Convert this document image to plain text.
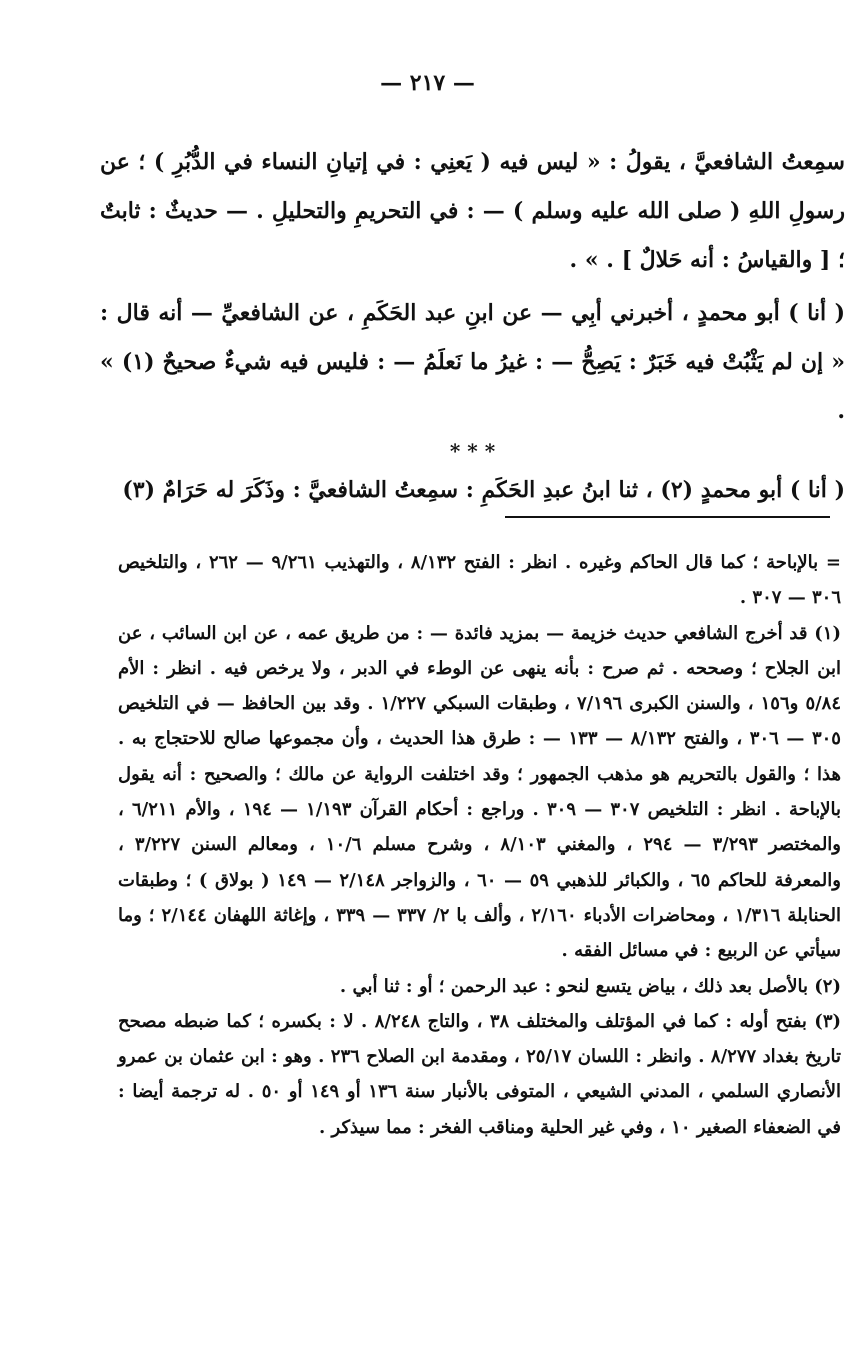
— ٢١٧ —

سمِعتُ الشافعيَّ ، يقولُ : « ليس فيه ( يَعنِي : في إتيانِ النساء في الدُّبُرِ ) ؛ عن رسولِ اللهِ ( صلى الله عليه وسلم ) — : في التحريمِ والتحليلِ . — حديثٌ : ثابتٌ ؛ [ والقياسُ : أنه حَلالٌ ] . » .

( أنا ) أبو محمدٍ ، أخبرني أبِي — عن ابنِ عبد الحَكَمِ ، عن الشافعيِّ — أنه قال : « إن لم يَثْبُتْ فيه خَبَرٌ : يَصِحُّ — : غيرُ ما نَعلَمُ — : فليس فيه شيءٌ صحيحٌ (١) » .

* * *

( أنا ) أبو محمدٍ (٢) ، ثنا ابنُ عبدِ الحَكَمِ : سمِعتُ الشافعيَّ : وذَكَرَ له حَرَامٌ (٣)

= بالإباحة ؛ كما قال الحاكم وغيره . انظر : الفتح ٨/١٣٢ ، والتهذيب ٩/٢٦١ — ٢٦٢ ، والتلخيص ٣٠٦ — ٣٠٧ .

(١) قد أخرج الشافعي حديث خزيمة — بمزيد فائدة — : من طريق عمه ، عن ابن السائب ، عن ابن الجلاح ؛ وصححه . ثم صرح : بأنه ينهى عن الوطء في الدبر ، ولا يرخص فيه . انظر : الأم ٥/٨٤ و١٥٦ ، والسنن الكبرى ٧/١٩٦ ، وطبقات السبكي ١/٢٢٧ . وقد بين الحافظ — في التلخيص ٣٠٥ — ٣٠٦ ، والفتح ٨/١٣٢ — ١٣٣ — : طرق هذا الحديث ، وأن مجموعها صالح للاحتجاج به . هذا ؛ والقول بالتحريم هو مذهب الجمهور ؛ وقد اختلفت الرواية عن مالك ؛ والصحيح : أنه يقول بالإباحة . انظر : التلخيص ٣٠٧ — ٣٠٩ . وراجع : أحكام القرآن ١/١٩٣ — ١٩٤ ، والأم ٦/٢١١ ، والمختصر ٣/٢٩٣ — ٢٩٤ ، والمغني ٨/١٠٣ ، وشرح مسلم ١٠/٦ ، ومعالم السنن ٣/٢٢٧ ، والمعرفة للحاكم ٦٥ ، والكبائر للذهبي ٥٩ — ٦٠ ، والزواجر ٢/١٤٨ — ١٤٩ ( بولاق ) ؛ وطبقات الحنابلة ١/٣١٦ ، ومحاضرات الأدباء ٢/١٦٠ ، وألف با ٢/ ٣٣٧ — ٣٣٩ ، وإغاثة اللهفان ٢/١٤٤ ؛ وما سيأتي عن الربيع : في مسائل الفقه .

(٢) بالأصل بعد ذلك ، بياض يتسع لنحو : عبد الرحمن ؛ أو : ثنا أبي .

(٣) بفتح أوله : كما في المؤتلف والمختلف ٣٨ ، والتاج ٨/٢٤٨ . لا : بكسره ؛ كما ضبطه مصحح تاريخ بغداد ٨/٢٧٧ . وانظر : اللسان ٢٥/١٧ ، ومقدمة ابن الصلاح ٢٣٦ . وهو : ابن عثمان بن عمرو الأنصاري السلمي ، المدني الشيعي ، المتوفى بالأنبار سنة ١٣٦ أو ١٤٩ أو ٥٠ . له ترجمة أيضا : في الضعفاء الصغير ١٠ ، وفي غير الحلية ومناقب الفخر : مما سيذكر .
